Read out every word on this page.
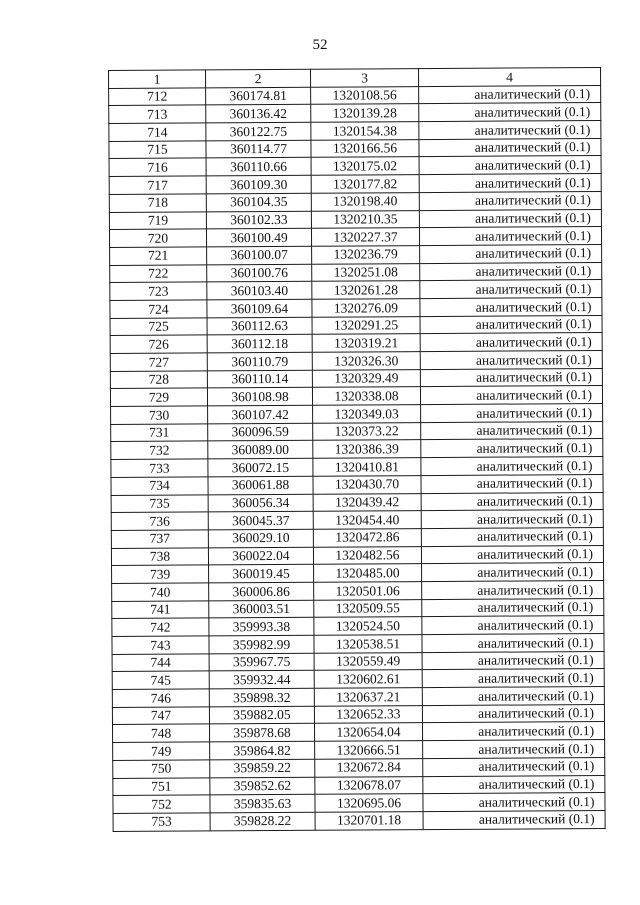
52
1	2	3	4
712	360174.81	1320108.56	аналитический (0.1)
713	360136.42	1320139.28	аналитический (0.1)
714	360122.75	1320154.38	аналитический (0.1)
715	360114.77	1320166.56	аналитический (0.1)
716	360110.66	1320175.02	аналитический (0.1)
717	360109.30	1320177.82	аналитический (0.1)
718	360104.35	1320198.40	аналитический (0.1)
719	360102.33	1320210.35	аналитический (0.1)
720	360100.49	1320227.37	аналитический (0.1)
721	360100.07	1320236.79	аналитический (0.1)
722	360100.76	1320251.08	аналитический (0.1)
723	360103.40	1320261.28	аналитический (0.1)
724	360109.64	1320276.09	аналитический (0.1)
725	360112.63	1320291.25	аналитический (0.1)
726	360112.18	1320319.21	аналитический (0.1)
727	360110.79	1320326.30	аналитический (0.1)
728	360110.14	1320329.49	аналитический (0.1)
729	360108.98	1320338.08	аналитический (0.1)
730	360107.42	1320349.03	аналитический (0.1)
731	360096.59	1320373.22	аналитический (0.1)
732	360089.00	1320386.39	аналитический (0.1)
733	360072.15	1320410.81	аналитический (0.1)
734	360061.88	1320430.70	аналитический (0.1)
735	360056.34	1320439.42	аналитический (0.1)
736	360045.37	1320454.40	аналитический (0.1)
737	360029.10	1320472.86	аналитический (0.1)
738	360022.04	1320482.56	аналитический (0.1)
739	360019.45	1320485.00	аналитический (0.1)
740	360006.86	1320501.06	аналитический (0.1)
741	360003.51	1320509.55	аналитический (0.1)
742	359993.38	1320524.50	аналитический (0.1)
743	359982.99	1320538.51	аналитический (0.1)
744	359967.75	1320559.49	аналитический (0.1)
745	359932.44	1320602.61	аналитический (0.1)
746	359898.32	1320637.21	аналитический (0.1)
747	359882.05	1320652.33	аналитический (0.1)
748	359878.68	1320654.04	аналитический (0.1)
749	359864.82	1320666.51	аналитический (0.1)
750	359859.22	1320672.84	аналитический (0.1)
751	359852.62	1320678.07	аналитический (0.1)
752	359835.63	1320695.06	аналитический (0.1)
753	359828.22	1320701.18	аналитический (0.1)
